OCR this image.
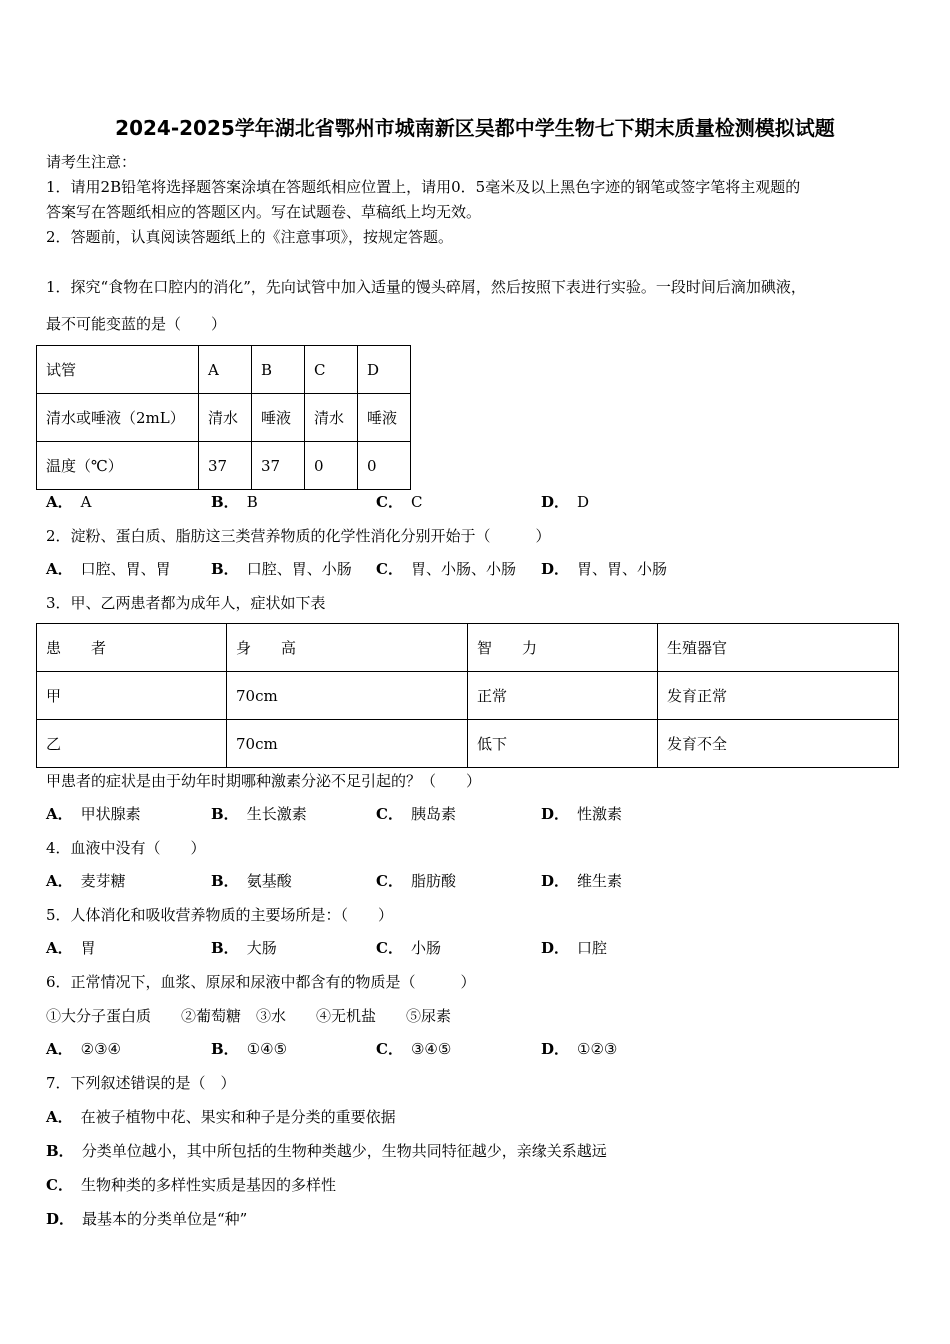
2024-2025学年湖北省鄂州市城南新区吴都中学生物七下期末质量检测模拟试题
请考生注意：
1．请用2B铅笔将选择题答案涂填在答题纸相应位置上，请用0．5毫米及以上黑色字迹的钢笔或签字笔将主观题的
答案写在答题纸相应的答题区内。写在试题卷、草稿纸上均无效。
2．答题前，认真阅读答题纸上的《注意事项》，按规定答题。
1．探究“食物在口腔内的消化”，先向试管中加入适量的馒头碎屑，然后按照下表进行实验。一段时间后滴加碘液，
最不可能变蓝的是（　　）
试管	A	B	C	D
清水或唾液（2mL）	清水	唾液	清水	唾液
温度（℃）	37	37	0	0
A． A	B． B	C． C	D． D
2．淀粉、蛋白质、脂肪这三类营养物质的化学性消化分别开始于（　　　）
A． 口腔、胃、胃	B． 口腔、胃、小肠 C． 胃、小肠、小肠 D． 胃、胃、小肠
3．甲、乙两患者都为成年人，症状如下表
患　　者	身　　高	智　　力	生殖器官
甲	70cm	正常	发育正常
乙	70cm	低下	发育不全
甲患者的症状是由于幼年时期哪种激素分泌不足引起的？（　　）
A． 甲状腺素	B． 生长激素	C． 胰岛素	D． 性激素
4．血液中没有（　　）
A． 麦芽糖	B． 氨基酸	C． 脂肪酸	D． 维生素
5．人体消化和吸收营养物质的主要场所是：（　　）
A． 胃	B． 大肠	C． 小肠	D． 口腔
6．正常情况下，血浆、原尿和尿液中都含有的物质是（　　　）
①大分子蛋白质　　②葡萄糖　③水　　④无机盐　　⑤尿素
A． ②③④	B． ①④⑤	C． ③④⑤	D． ①②③
7．下列叙述错误的是（　）
A． 在被子植物中花、果实和种子是分类的重要依据
B． 分类单位越小，其中所包括的生物种类越少，生物共同特征越少，亲缘关系越远
C． 生物种类的多样性实质是基因的多样性
D． 最基本的分类单位是“种”
